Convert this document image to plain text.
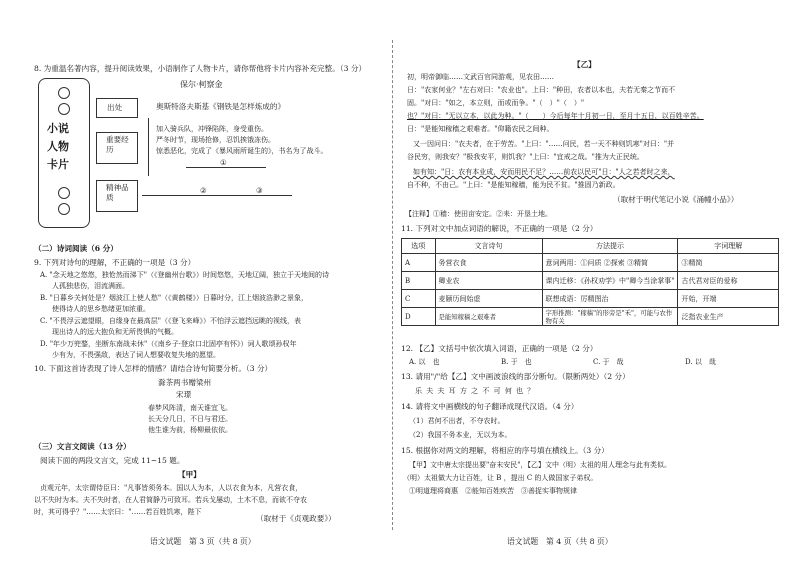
8. 为重温名著内容，提升阅读效果，小语制作了人物卡片，请你帮他将卡片内容补充完整。（3 分）
小说
人物
卡片
保尔·柯察金
出处
重要经历
精神品质
奥斯特洛夫斯基《钢铁是怎样炼成的》
加入骑兵队，冲锋陷阵，身受重伤。
严冬时节，现场抢修，忍饥挨饿冻伤。
惊悉恶化，完成了《暴风雨所诞生的》，书名为了战斗。
①
②	③
（二）诗词阅读（6 分）
9. 下列对诗句的理解，不正确的一项是（3 分）
A. "念天地之悠悠，独怆然而涕下"（《登幽州台歌》）时间悠悠，天地辽阔，独立于天地间的诗
人孤独悲伤，泪流满面。
B. "日暮乡关何处是？烟波江上使人愁"（《黄鹤楼》）日暮时分，江上烟波浩渺之景象，
使得诗人的思乡愁绪更加浓重。
C. "不畏浮云遮望眼，自缘身在最高层"（《登飞来峰》）不怕浮云遮挡远眺的视线，表
现出诗人的远大抱负和无所畏惧的气概。
D. "年少万兜鍪，坐断东南战未休"（《南乡子·登京口北固亭有怀》）词人歌颂孙权年
少有为，不畏强敌，表达了词人想要收复失地的愿望。
10. 下面这首诗表现了诗人怎样的情感？请结合诗句简要分析。（3 分）
滁茶两书赠梁州
宋璟
春梦风阵清，南天谁宜飞。
长天分几日，不日与君还。
他生谁为前，杨柳最依依。
（三）文言文阅读（13 分）
阅读下面的两段文言文，完成 11~15 题。
【甲】
贞观元年，太宗谓侍臣曰："凡事皆须务本。国以人为本，人以衣食为本，凡营衣食，
以不失时为本。夫不失时者，在人君简静乃可致耳。若兵戈屡动，土木不息，而欲不夺农
时，其可得乎？"……太宗曰："……若百姓饥寒，陛下
（取材于《贞观政要》）
语文试题　第 3 页（共 8 页）
【乙】
初，明帝御临……文武百官同游观，见农田……
日："农家何业？"左右对曰："农业也"。上曰："种田，农者以本也，夫若无秦之节而不
固。"对曰："如之，本立则，而或而争。"（　）"（　）"
也？"对曰："无以立本，以此为种。"（　　）今后每年十月初一日，至月十五日，以百姓辛苦。
日："是能知稼穑之艰难者。"仰籍农民之间种。
又一因问曰："农夫者，在于劳苦。"上曰："……问民，若一天不种则饥寒"对曰："并
谷民穷，则我安？"极我安平，则饥我？"上曰："宜戒之哉。"推为大正民统。
如有知："日：农有本业成，安而用民不足？……前农以民可"日："人之若者时之来，
自不种，不由己。"上曰："是能知稼穑，能为民不贫。"推固乃新政。
（取材于明代笔记小说《涌幢小品》）
【注释】①穑：使田亩安定。②耒：开垦土地。
11. 下列对文中加点词语的解说，不正确的一项是（2 分）
选项	文言诗句	方法提示	字词理解
A	务营衣食	意词两用：①问质 ②探索 ③精简	③精简
B	卿业农	课内迁移：《孙权劝学》中"卿今当涂掌事"	古代君对臣的爱称
C	麦颐历间始虚	联想成语：厉精图治	开始，开端
D	是能知稼穑之艰难者	字形推测："稼穑"的形旁是"禾"，可能与农作物有关	泛指农业生产
12. 【乙】文括号中依次填入词语，正确的一项是（2 分）
A. 以　也	B. 于　也	C. 于　哉	D. 以　哉
13. 请用"/"给【乙】文中画波浪线的部分断句。（限断两处）（2 分）
乐 夫 夫 耳 方 之 不 可 何 也 ？
14. 请将文中画横线的句子翻译成现代汉语。（4 分）
（1）君何不出者，不夺农时。
（2）我国不务本业，无以为本。
15. 根据你对两文的理解，将相应的序号填在横线上。（3 分）
【甲】文中唐太宗提出要"奋末安民"，【乙】文中（明）太祖的用人理念与此有类似。
（明）太祖做大力让百姓，让 B ，提出 C 的人做国家子弟权。
①明道理将商惠　②能知百姓疾苦　③善捉实事物规律
语文试题　第 4 页（共 8 页）
